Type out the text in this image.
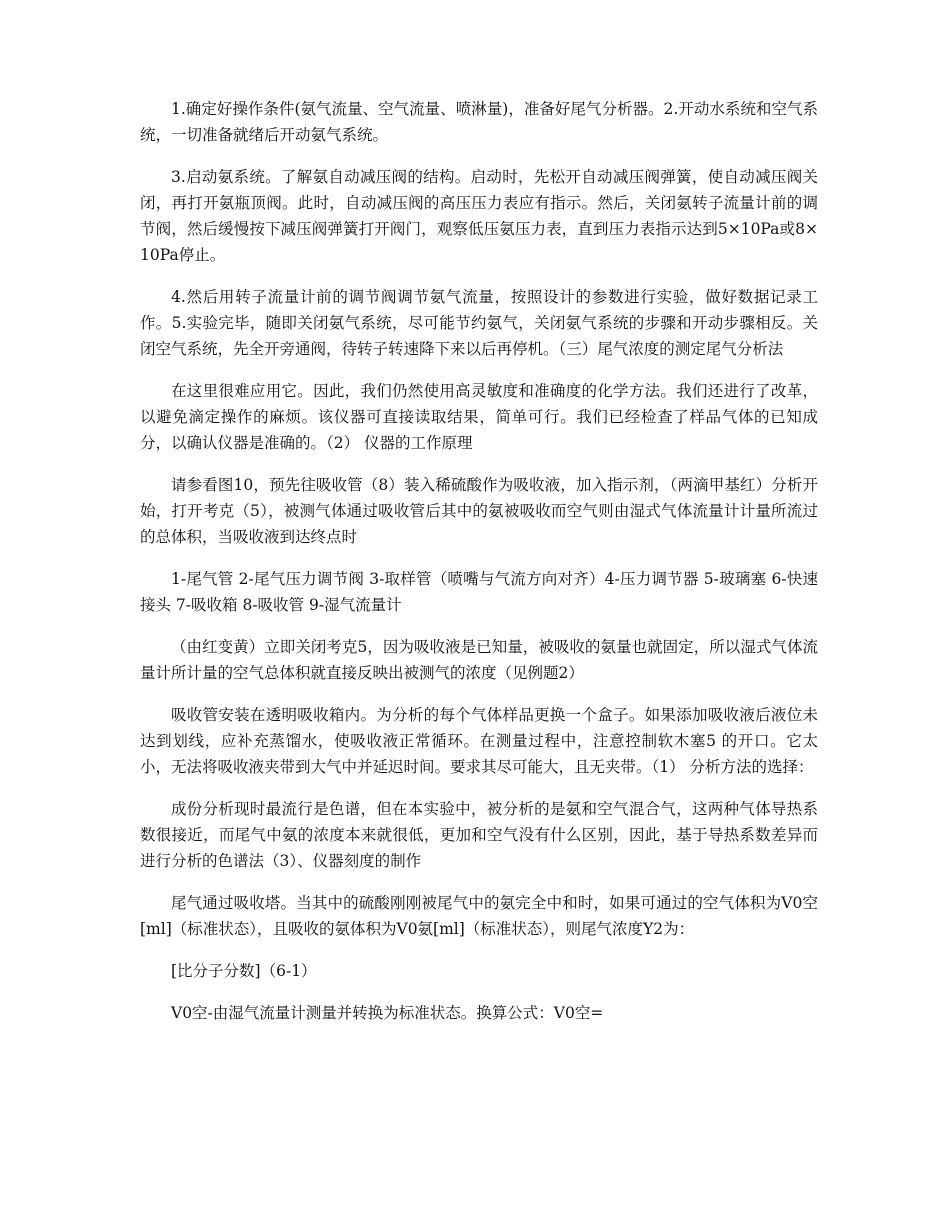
1.确定好操作条件(氨气流量、空气流量、喷淋量)，准备好尾气分析器。2.开动水系统和空气系统，一切准备就绪后开动氨气系统。

3.启动氨系统。了解氨自动减压阀的结构。启动时，先松开自动减压阀弹簧，使自动减压阀关闭，再打开氨瓶顶阀。此时，自动减压阀的高压压力表应有指示。然后，关闭氨转子流量计前的调节阀，然后缓慢按下减压阀弹簧打开阀门，观察低压氨压力表，直到压力表指示达到5×10Pa或8×10Pa停止。

4.然后用转子流量计前的调节阀调节氨气流量，按照设计的参数进行实验，做好数据记录工作。5.实验完毕，随即关闭氨气系统，尽可能节约氨气，关闭氨气系统的步骤和开动步骤相反。关闭空气系统，先全开旁通阀，待转子转速降下来以后再停机。（三）尾气浓度的测定尾气分析法

在这里很难应用它。因此，我们仍然使用高灵敏度和准确度的化学方法。我们还进行了改革，以避免滴定操作的麻烦。该仪器可直接读取结果，简单可行。我们已经检查了样品气体的已知成分，以确认仪器是准确的。（2） 仪器的工作原理

请参看图10，预先往吸收管（8）装入稀硫酸作为吸收液，加入指示剂，（两滴甲基红）分析开始，打开考克（5），被测气体通过吸收管后其中的氨被吸收而空气则由湿式气体流量计计量所流过的总体积，当吸收液到达终点时

1-尾气管 2-尾气压力调节阀 3-取样管（喷嘴与气流方向对齐）4-压力调节器 5-玻璃塞 6-快速接头 7-吸收箱 8-吸收管 9-湿气流量计

（由红变黄）立即关闭考克5，因为吸收液是已知量，被吸收的氨量也就固定，所以湿式气体流量计所计量的空气总体积就直接反映出被测气的浓度（见例题2）

吸收管安装在透明吸收箱内。为分析的每个气体样品更换一个盒子。如果添加吸收液后液位未达到划线，应补充蒸馏水，使吸收液正常循环。在测量过程中，注意控制软木塞5 的开口。它太小，无法将吸收液夹带到大气中并延迟时间。要求其尽可能大，且无夹带。（1） 分析方法的选择：

成份分析现时最流行是色谱，但在本实验中，被分析的是氨和空气混合气，这两种气体导热系数很接近，而尾气中氨的浓度本来就很低，更加和空气没有什么区别，因此，基于导热系数差异而进行分析的色谱法（3）、仪器刻度的制作

尾气通过吸收塔。当其中的硫酸刚刚被尾气中的氨完全中和时，如果可通过的空气体积为V0空[ml]（标准状态），且吸收的氨体积为V0氨[ml]（标准状态），则尾气浓度Y2为：

[比分子分数]（6-1）

V0空-由湿气流量计测量并转换为标准状态。换算公式：V0空=
